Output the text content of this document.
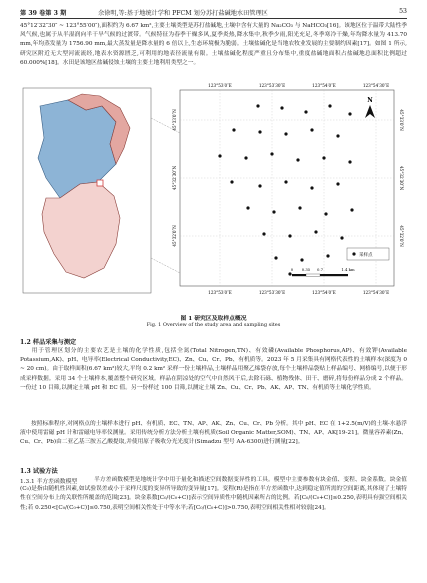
第 39 卷第 3 期	余徐明,等:基于地统计学和 PFCM 划分苏打盐碱地水田管理区	53

45°12′32″30″ ~ 123°55′00″),面积约为 6.67 km²,主要土壤类型是苏打盐碱地,土壤中含有大量的 Na₂CO₃ 与 NaHCO₃[16]。该地区位于温带大陆性季风气候,也属于从半湿润向半干旱气候的过渡带。气候特征为春季干燥多风,夏季炎热,降水集中,秋季少雨,阳光充足,冬季寒冷干燥,年均降水量为 413.70 mm,年均蒸发量为 1756.90 mm,最大蒸发量是降水量的 6 倍以上,生态环境极为脆弱。土壤盐碱化是当地农牧业发展的主要制约因素[17]。如图 1 所示,研究区附近无大型河流流经,地表水资源匮乏,可利用的地表径流量有限。土壤盐碱化程度严重且分布集中,重度盐碱地面积占盐碱地总面积比例超过 60.000%[18]。水田是该地区盐碱侵蚀土壤的主要土地利用类型之一。

123°53′0″E	123°53′30″E	123°54′0″E	123°54′30″E
123°53′0″E	123°53′30″E	123°54′0″E	123°54′30″E
45°33′0″N
45°32′30″N
45°32′0″N
45°33′0″N
45°32′30″N
45°32′0″N
N
采样点
0 0.35 0.7	1.4 km
图 1 研究区及取样点概况
Fig. 1 Overview of the study area and sampling sites
1.2 样品采集与测定

用于管理区划分的主要农艺是土壤的化学性质,包括全氮(Total Nitrogen,TN)、有效磷(Available Phosphorus,AP)、有效钾(Available Potassium,AK)、pH、电导率(Electrical Conductivity,EC)、Zn、Cu、Cr、Pb、有机质等。2023 年 5 月采集具有网格代表性的土壤样本(深度为 0 ~ 20 cm)。由于取样面积(6.67 km²)较大,平均 0.2 km² 采样一份土壤样品,土壤样品用聚乙烯袋存放,每个土壤样品袋贴上样品编号、网格编号,以便于形成采样数据。采用 34 个土壤样本,覆盖整个研究区域。样品在阴凉处的空气中自然风干后,去除石砾、植物残体、田干、磨碎,将每份样品分成 2 个样品。一份过 10 目筛,以测定土壤 pH 和 EC 值。另一份样过 100 目筛,以测定土壤 Zn、Cu、Cr、Pb、AK、AP、TN、有机质等土壤化学性质。

按照标准程序,对网格点的土壤样本进行 pH、有机质、EC、TN、AP、AK、Zn、Cu、Cr、Pb 分析。其中 pH、EC 在 1+2.5(m/V)的土壤-水悬浮液中使用雷磁 pH 计和雷磁电导率仪测量。采用传统分析方法分析土壤有机质(Soil Organic Matter,SOM)、TN、AP、AK[19-21]。微量容养素(Zn、Cu、Cr、Pb)由二亚乙基三胺五乙酸提取,并使用原子吸收分光光度计(Simadzu 型号 AA-6300)进行测量[22]。

1.3 试验方法
1.3.1 半方差函数模型	半方差函数模型是地统计学中用于量化和描述空间数据变异性的工具。模型中主要参数有块金值、变程、块金系数。块金值(C₀)是指由随机性因素,如试验误差或小于采样尺度的变异所导致的变异量[17]。变程(R)是指在半方差函数中,达到稳定值所需的空间距离,其体现了土壤特性在空间分布上的关联性所覆盖的范围[23]。块金系数[C₀/(C₀+C)]表示空间异质性中随机因素所占的比例。若[C₀/(C₀+C)]≤0.250,表明具有强空间相关性;若 0.250<[C₀/(C₀+C)]≤0.750,表明空间相关性处于中等水平;若[C₀/(C₀+C)]>0.750,表明空间相关性相对较弱[24]。
